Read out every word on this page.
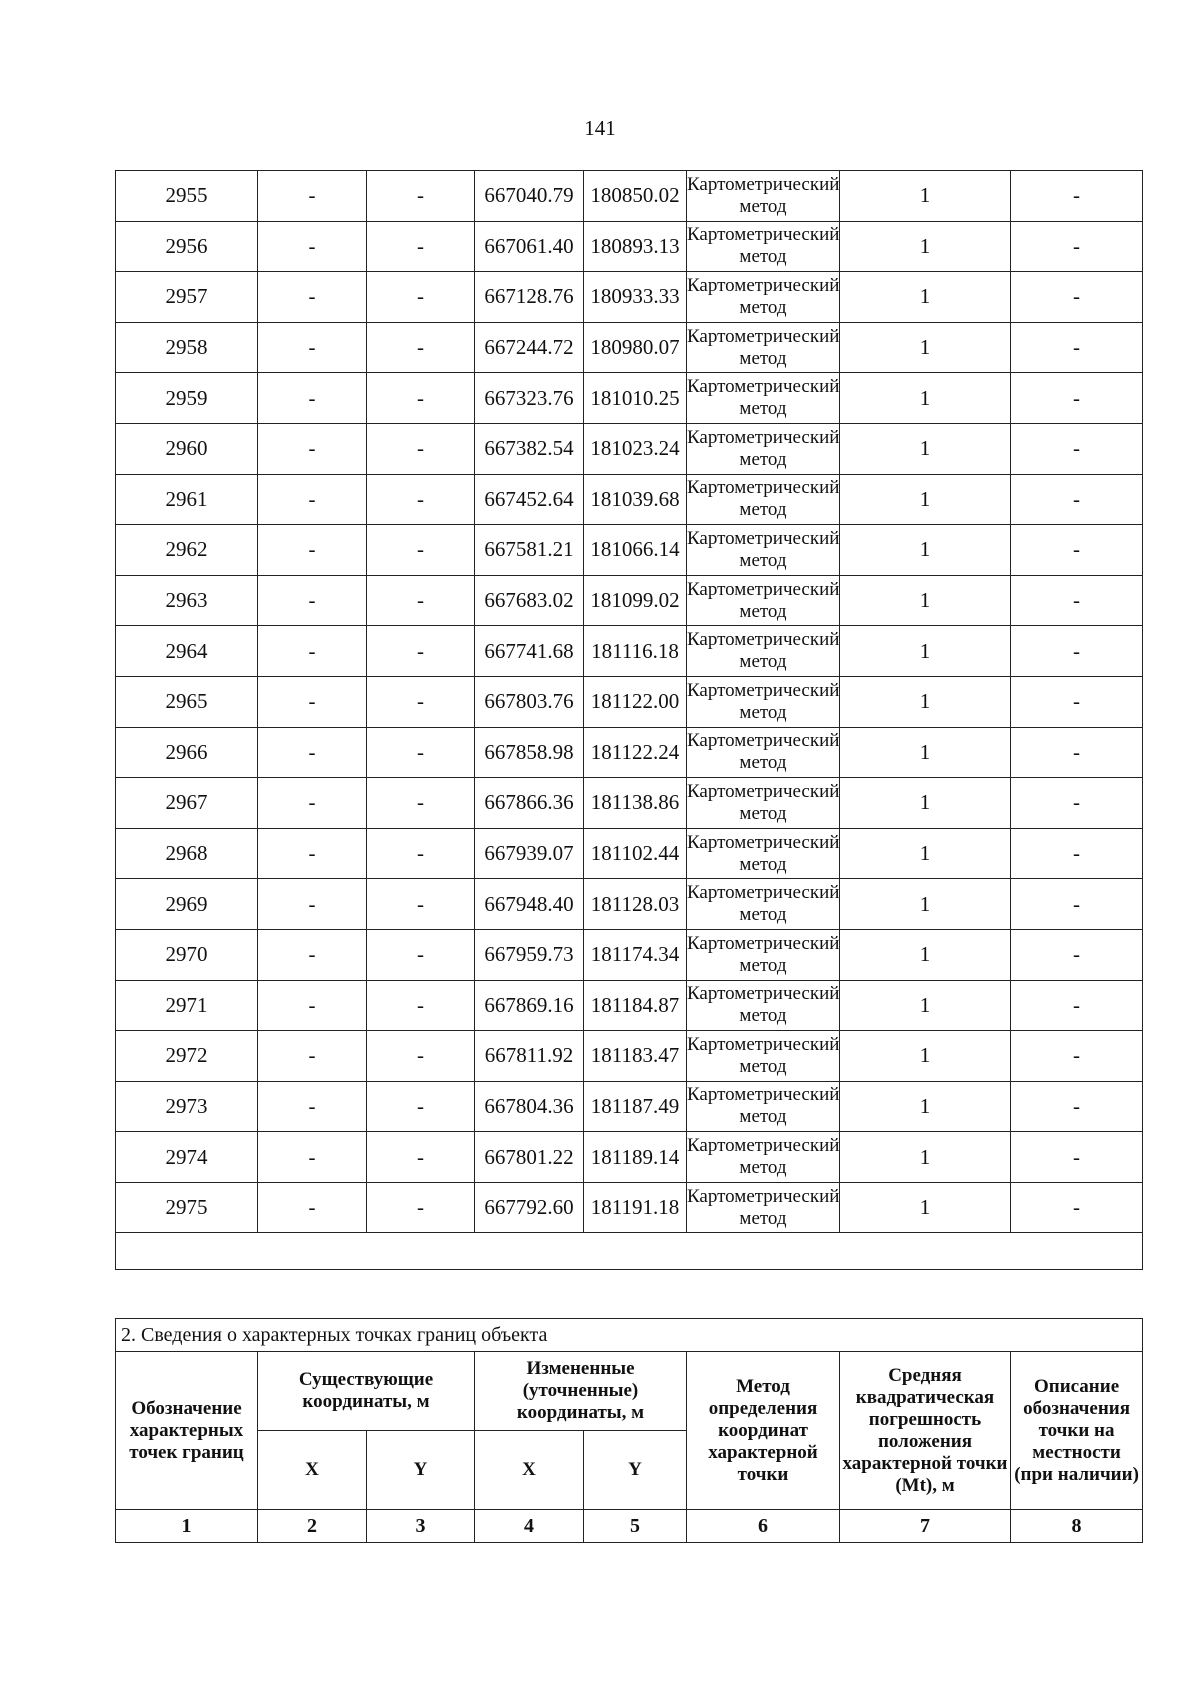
141
2955	-	-	667040.79	180850.02	Картометрический метод	1	-
2956	-	-	667061.40	180893.13	Картометрический метод	1	-
2957	-	-	667128.76	180933.33	Картометрический метод	1	-
2958	-	-	667244.72	180980.07	Картометрический метод	1	-
2959	-	-	667323.76	181010.25	Картометрический метод	1	-
2960	-	-	667382.54	181023.24	Картометрический метод	1	-
2961	-	-	667452.64	181039.68	Картометрический метод	1	-
2962	-	-	667581.21	181066.14	Картометрический метод	1	-
2963	-	-	667683.02	181099.02	Картометрический метод	1	-
2964	-	-	667741.68	181116.18	Картометрический метод	1	-
2965	-	-	667803.76	181122.00	Картометрический метод	1	-
2966	-	-	667858.98	181122.24	Картометрический метод	1	-
2967	-	-	667866.36	181138.86	Картометрический метод	1	-
2968	-	-	667939.07	181102.44	Картометрический метод	1	-
2969	-	-	667948.40	181128.03	Картометрический метод	1	-
2970	-	-	667959.73	181174.34	Картометрический метод	1	-
2971	-	-	667869.16	181184.87	Картометрический метод	1	-
2972	-	-	667811.92	181183.47	Картометрический метод	1	-
2973	-	-	667804.36	181187.49	Картометрический метод	1	-
2974	-	-	667801.22	181189.14	Картометрический метод	1	-
2975	-	-	667792.60	181191.18	Картометрический метод	1	-

2. Сведения о характерных точках границ объекта							
Обозначение характерных точек границ	Существующие координаты, м		Измененные (уточненные) координаты, м		Метод определения координат характерной точки	Средняя квадратическая погрешность положения характерной точки (Mt), м	Описание обозначения точки на местности (при наличии)
	X	Y	X	Y			
1	2	3	4	5	6	7	8
